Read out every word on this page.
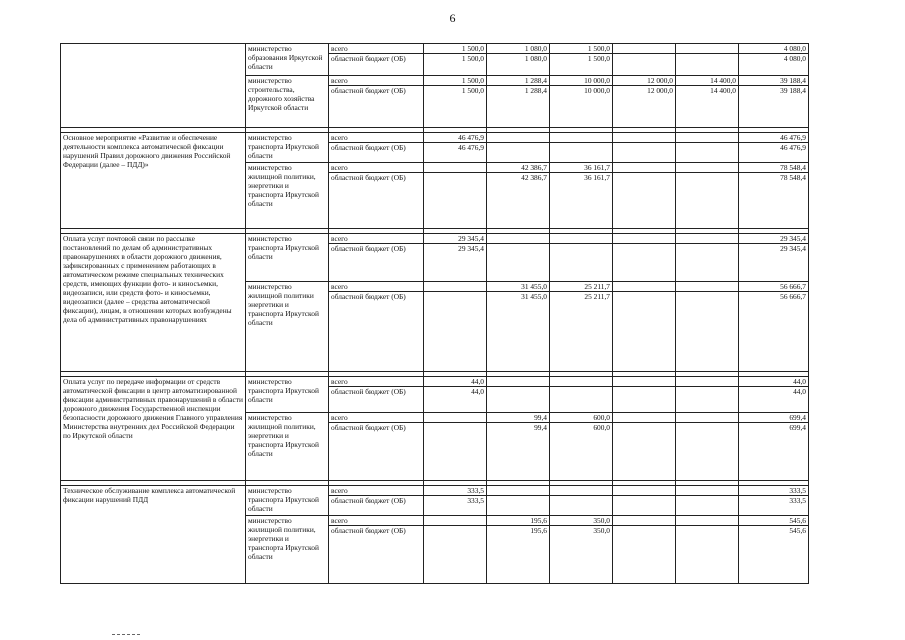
6
	министерство образования Иркутской области	всего	1 500,0	1 080,0	1 500,0			4 080,0
		областной бюджет (ОБ)	1 500,0	1 080,0	1 500,0			4 080,0
	министерство строительства, дорожного хозяйства Иркутской области	всего	1 500,0	1 288,4	10 000,0	12 000,0	14 400,0	39 188,4
		областной бюджет (ОБ)	1 500,0	1 288,4	10 000,0	12 000,0	14 400,0	39 188,4

Основное мероприятие «Развитие и обеспечение деятельности комплекса автоматической фиксации нарушений Правил дорожного движения Российской Федерации (далее – ПДД)»	министерство транспорта Иркутской области	всего	46 476,9					46 476,9
		областной бюджет (ОБ)	46 476,9					46 476,9
	министерство жилищной политики, энергетики и транспорта Иркутской области	всего		42 386,7	36 161,7			78 548,4
		областной бюджет (ОБ)		42 386,7	36 161,7			78 548,4

Оплата услуг почтовой связи по рассылке постановлений по делам об административных правонарушениях в области дорожного движения, зафиксированных с применением работающих в автоматическом режиме специальных технических средств, имеющих функции фото- и киносъемки, видеозаписи, или средств фото- и киносъемки, видеозаписи (далее – средства автоматической фиксации), лицам, в отношении которых возбуждены дела об административных правонарушениях	министерство транспорта Иркутской области	всего	29 345,4					29 345,4
		областной бюджет (ОБ)	29 345,4					29 345,4
	министерство жилищной политики энергетики и транспорта Иркутской области	всего		31 455,0	25 211,7			56 666,7
		областной бюджет (ОБ)		31 455,0	25 211,7			56 666,7

Оплата услуг по передаче информации от средств автоматической фиксации в центр автоматизированной фиксации административных правонарушений в области дорожного движения Государственной инспекции безопасности дорожного движения Главного управления Министерства внутренних дел Российской Федерации по Иркутской области	министерство транспорта Иркутской области	всего	44,0					44,0
		областной бюджет (ОБ)	44,0					44,0
	министерство жилищной политики, энергетики и транспорта Иркутской области	всего		99,4	600,0			699,4
		областной бюджет (ОБ)		99,4	600,0			699,4

Техническое обслуживание комплекса автоматической фиксации нарушений ПДД	министерство транспорта Иркутской области	всего	333,5					333,5
		областной бюджет (ОБ)	333,5					333,5
	министерство жилищной политики, энергетики и транспорта Иркутской области	всего		195,6	350,0			545,6
		областной бюджет (ОБ)		195,6	350,0			545,6
